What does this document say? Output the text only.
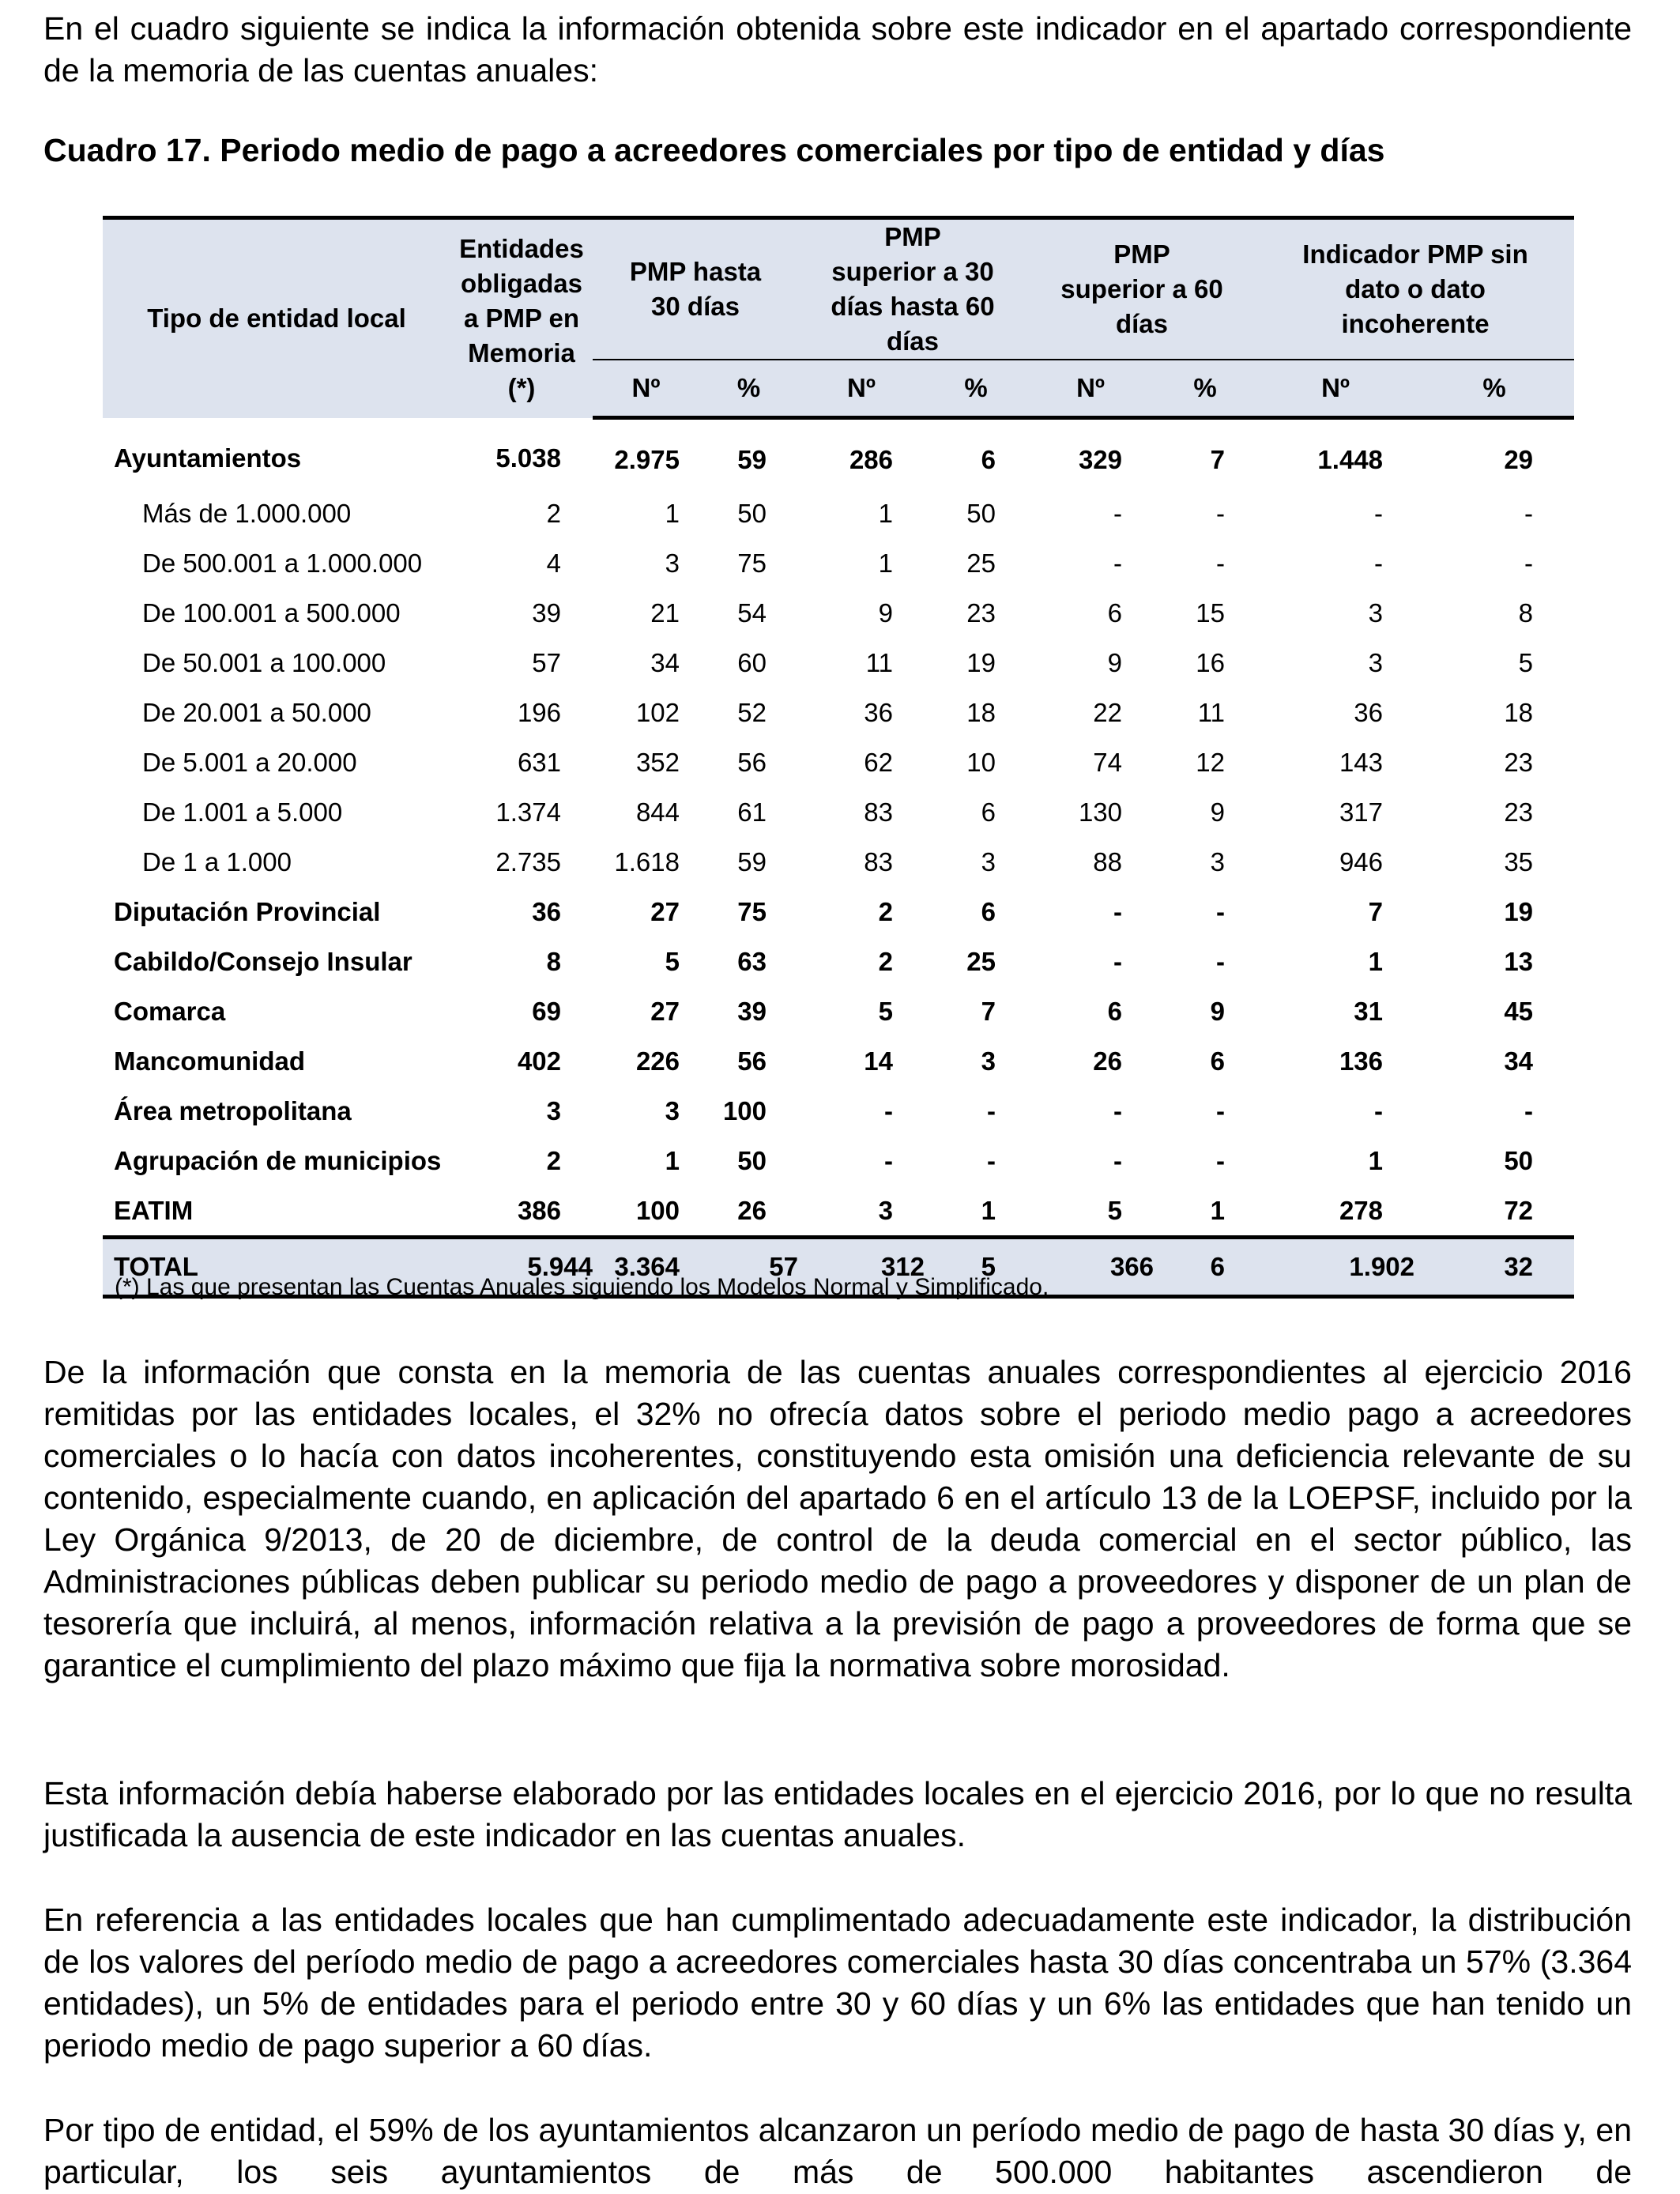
En el cuadro siguiente se indica la información obtenida sobre este indicador en el apartado correspondiente de la memoria de las cuentas anuales:

Cuadro 17. Periodo medio de pago a acreedores comerciales por tipo de entidad y días

Tipo de entidad local	Entidades obligadas a PMP en Memoria (*)	PMP hasta 30 días		PMP superior a 30 días hasta 60 días		PMP superior a 60 días		Indicador PMP sin dato o dato incoherente	
		Nº	%	Nº	%	Nº	%	Nº	%
Ayuntamientos	5.038	2.975	59	286	6	329	7	1.448	29
Más de 1.000.000	2	1	50	1	50	-	-	-	-
De 500.001 a 1.000.000	4	3	75	1	25	-	-	-	-
De 100.001 a 500.000	39	21	54	9	23	6	15	3	8
De 50.001 a 100.000	57	34	60	11	19	9	16	3	5
De 20.001 a 50.000	196	102	52	36	18	22	11	36	18
De 5.001 a 20.000	631	352	56	62	10	74	12	143	23
De 1.001 a 5.000	1.374	844	61	83	6	130	9	317	23
De 1 a 1.000	2.735	1.618	59	83	3	88	3	946	35
Diputación Provincial	36	27	75	2	6	-	-	7	19
Cabildo/Consejo Insular	8	5	63	2	25	-	-	1	13
Comarca	69	27	39	5	7	6	9	31	45
Mancomunidad	402	226	56	14	3	26	6	136	34
Área metropolitana	3	3	100	-	-	-	-	-	-
Agrupación de municipios	2	1	50	-	-	-	-	1	50
EATIM	386	100	26	3	1	5	1	278	72
TOTAL	5.944	3.364	57	312	5	366	6	1.902	32
(*) Las que presentan las Cuentas Anuales siguiendo los Modelos Normal y Simplificado.

De la información que consta en la memoria de las cuentas anuales correspondientes al ejercicio 2016 remitidas por las entidades locales, el 32% no ofrecía datos sobre el periodo medio pago a acreedores comerciales o lo hacía con datos incoherentes, constituyendo esta omisión una deficiencia relevante de su contenido, especialmente cuando, en aplicación del apartado 6 en el artículo 13 de la LOEPSF, incluido por la Ley Orgánica 9/2013, de 20 de diciembre, de control de la deuda comercial en el sector público, las Administraciones públicas deben publicar su periodo medio de pago a proveedores y disponer de un plan de tesorería que incluirá, al menos, información relativa a la previsión de pago a proveedores de forma que se garantice el cumplimiento del plazo máximo que fija la normativa sobre morosidad.

Esta información debía haberse elaborado por las entidades locales en el ejercicio 2016, por lo que no resulta justificada la ausencia de este indicador en las cuentas anuales.

En referencia a las entidades locales que han cumplimentado adecuadamente este indicador, la distribución de los valores del período medio de pago a acreedores comerciales hasta 30 días concentraba un 57% (3.364 entidades), un 5% de entidades para el periodo entre 30 y 60 días y un 6% las entidades que han tenido un periodo medio de pago superior a 60 días.

Por tipo de entidad, el 59% de los ayuntamientos alcanzaron un período medio de pago de hasta 30 días y, en particular, los seis ayuntamientos de más de 500.000 habitantes ascendieron de
